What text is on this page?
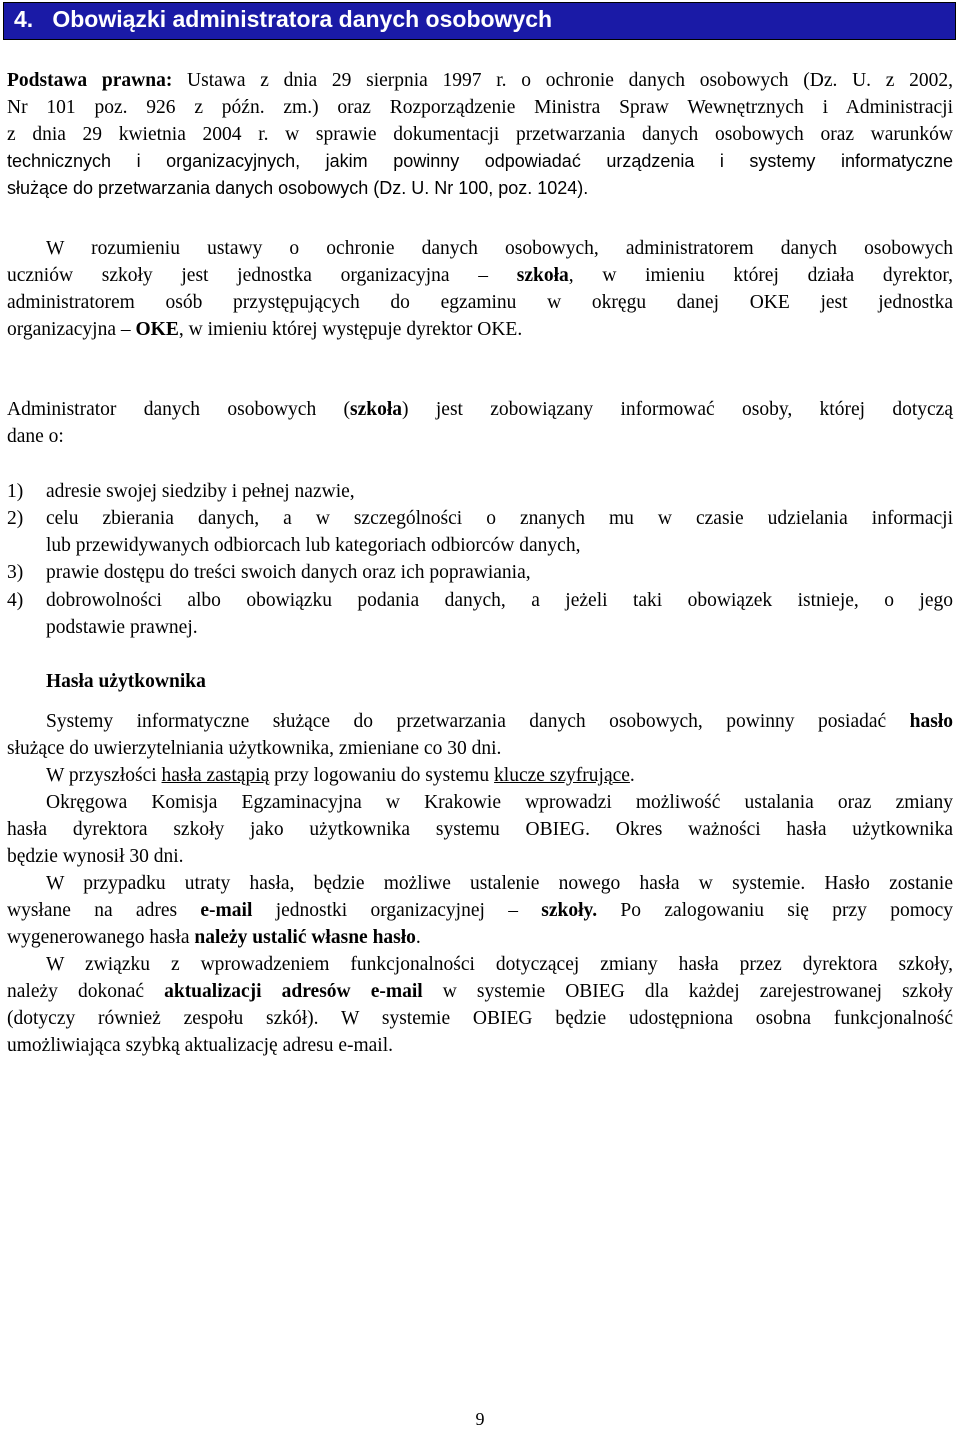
4. Obowiązki administratora danych osobowych
Podstawa prawna: Ustawa z dnia 29 sierpnia 1997 r. o ochronie danych osobowych (Dz. U. z 2002,
Nr 101 poz. 926 z późn. zm.) oraz Rozporządzenie Ministra Spraw Wewnętrznych i Administracji
z dnia 29 kwietnia 2004 r. w sprawie dokumentacji przetwarzania danych osobowych oraz warunków
technicznych i organizacyjnych, jakim powinny odpowiadać urządzenia i systemy informatyczne
służące do przetwarzania danych osobowych (Dz. U. Nr 100, poz. 1024).
W rozumieniu ustawy o ochronie danych osobowych, administratorem danych osobowych
uczniów szkoły jest jednostka organizacyjna – szkoła, w imieniu której działa dyrektor,
administratorem osób przystępujących do egzaminu w okręgu danej OKE jest jednostka
organizacyjna – OKE, w imieniu której występuje dyrektor OKE.
Administrator danych osobowych (szkoła) jest zobowiązany informować osoby, której dotyczą
dane o:
1) adresie swojej siedziby i pełnej nazwie,
2) celu zbierania danych, a w szczególności o znanych mu w czasie udzielania informacji
lub przewidywanych odbiorcach lub kategoriach odbiorców danych,
3) prawie dostępu do treści swoich danych oraz ich poprawiania,
4) dobrowolności albo obowiązku podania danych, a jeżeli taki obowiązek istnieje, o jego
podstawie prawnej.
Hasła użytkownika
Systemy informatyczne służące do przetwarzania danych osobowych, powinny posiadać hasło
służące do uwierzytelniania użytkownika, zmieniane co 30 dni.
W przyszłości hasła zastąpią przy logowaniu do systemu klucze szyfrujące.
Okręgowa Komisja Egzaminacyjna w Krakowie wprowadzi możliwość ustalania oraz zmiany
hasła dyrektora szkoły jako użytkownika systemu OBIEG. Okres ważności hasła użytkownika
będzie wynosił 30 dni.
W przypadku utraty hasła, będzie możliwe ustalenie nowego hasła w systemie. Hasło zostanie
wysłane na adres e-mail jednostki organizacyjnej – szkoły. Po zalogowaniu się przy pomocy
wygenerowanego hasła należy ustalić własne hasło.
W związku z wprowadzeniem funkcjonalności dotyczącej zmiany hasła przez dyrektora szkoły,
należy dokonać aktualizacji adresów e-mail w systemie OBIEG dla każdej zarejestrowanej szkoły
(dotyczy również zespołu szkół). W systemie OBIEG będzie udostępniona osobna funkcjonalność
umożliwiająca szybką aktualizację adresu e-mail.
9
